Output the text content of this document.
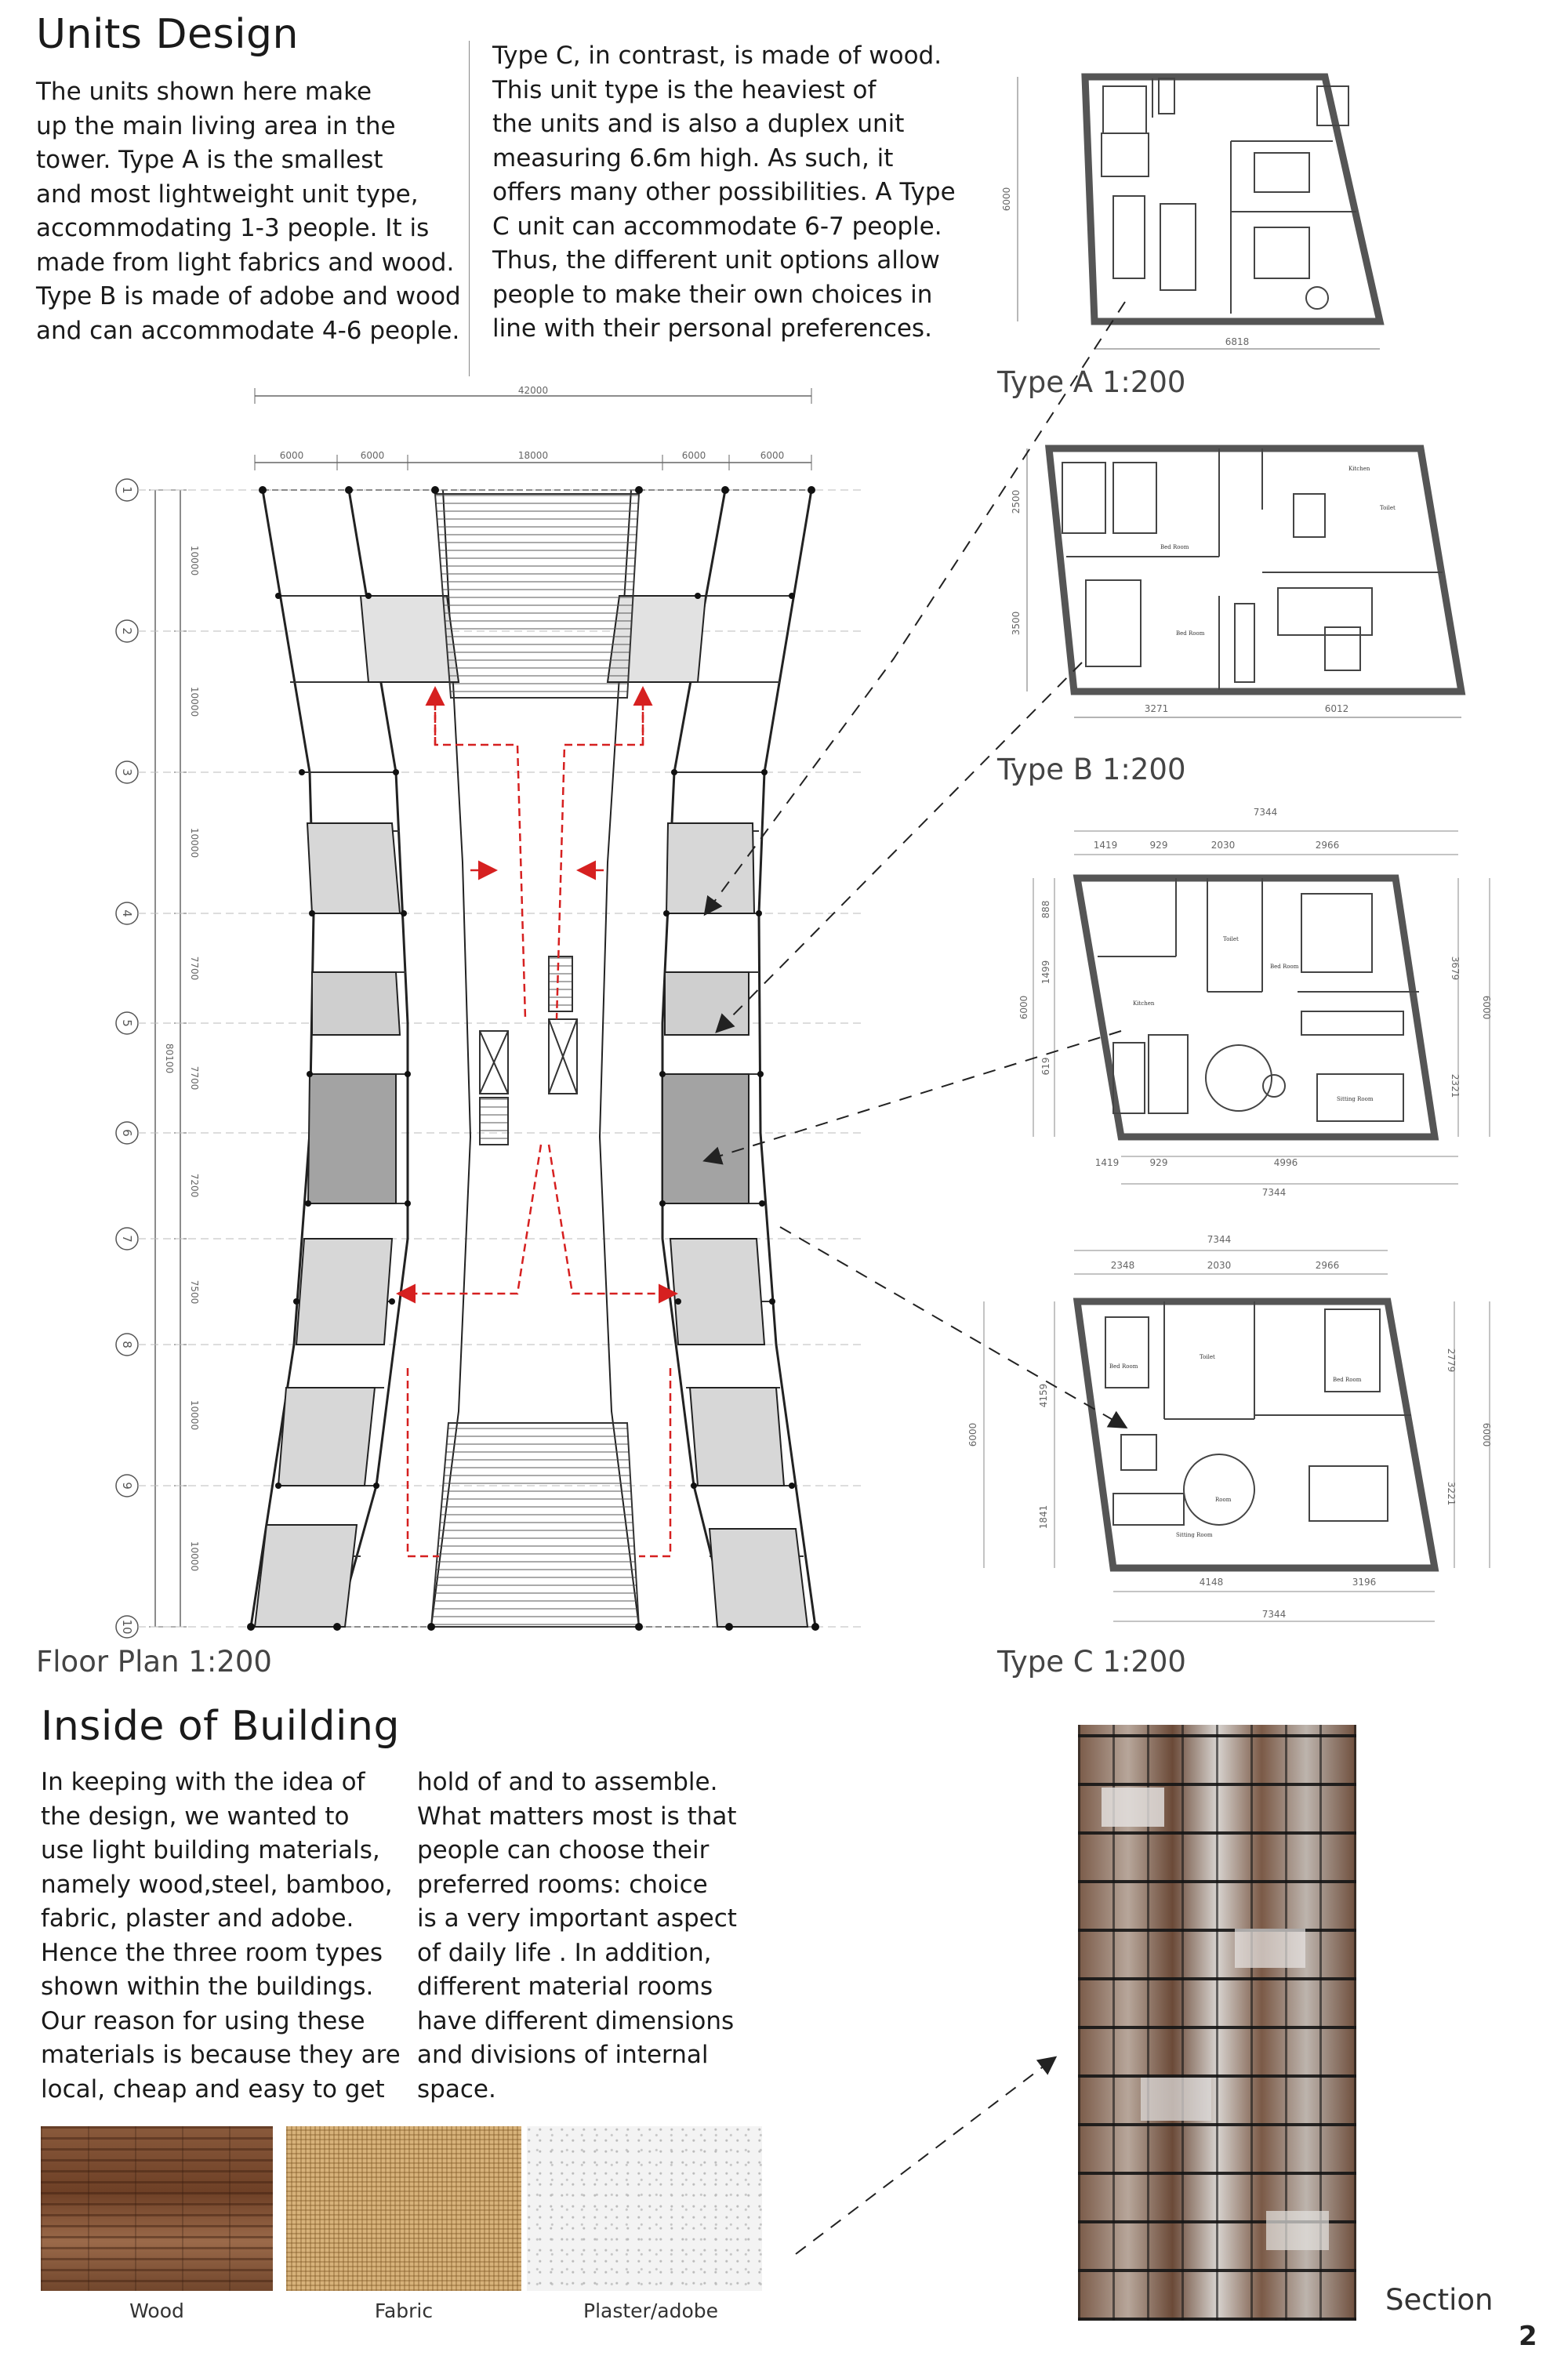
Units Design

The units shown here make

up the main living area in the

tower. Type A is the smallest

and most lightweight unit type,

accommodating 1-3 people. It is

made from light fabrics and wood.

Type B is made of adobe and wood

and can accommodate 4-6 people.

Type C, in contrast, is made of wood.

This unit type is the heaviest of

the units and is also a duplex unit

measuring 6.6m high. As such, it

offers many other possibilities. A Type

C unit can accommodate 6-7 people.

Thus, the different unit options allow

people to make their own choices in

line with their personal preferences.

42000
6000	6000	18000	6000	6000
80100
10000
10000
10000
7700
7700
7200
7500
10000
10000
1
2
3
4
5
6
7
8
9
10
6000
6818
Kitchen
Toilet
Bed Room
Bed Room
2500
3500
3271	6012
7344
1419	929	2030	2966
Toilet
Bed Room
Kitchen
Sitting Room
6000
888
1499
619
3679
2321
6000
1419	929	4996
7344
7344
2348	2030	2966
Bed Room
Toilet
Bed Room
Room
Sitting Room
6000
1841
4159
2779
3221
6000
4148	3196
7344
Type A 1:200
Type B 1:200
Type C 1:200
Floor Plan 1:200
Inside of Building

In keeping with the idea of

the design, we wanted to

use light building materials,

namely wood,steel, bamboo,

fabric, plaster and adobe.

Hence the three room types

shown within the buildings.

Our reason for using these

materials is because they are

local, cheap and easy to get

hold of and to assemble.

What matters most is that

people can choose their

preferred rooms: choice

is a very important aspect

of daily life . In addition,

different material rooms

have different dimensions

and divisions of internal

space.

Wood	Fabric	Plaster/adobe	Section
2
